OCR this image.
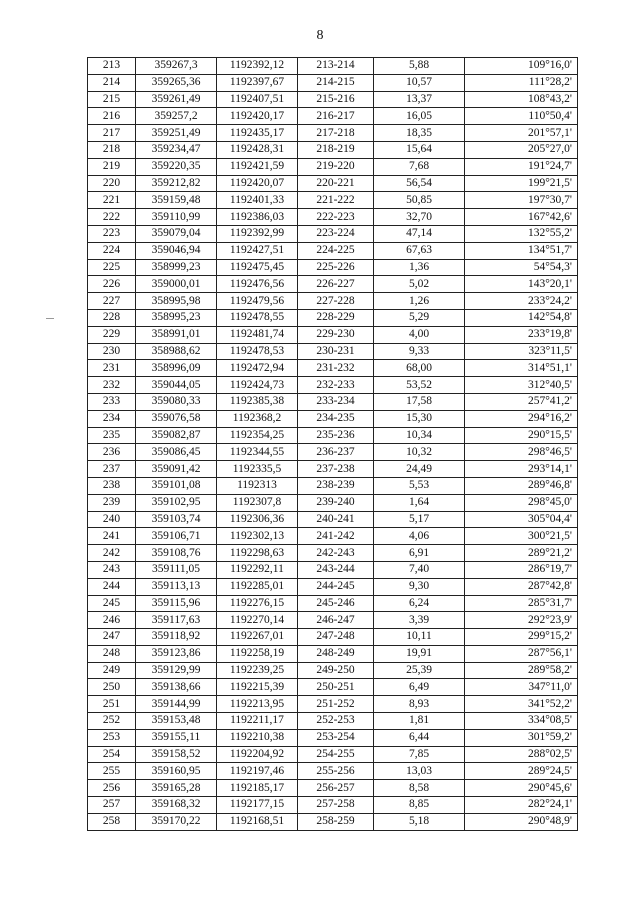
8
213	359267,3	1192392,12	213-214	5,88	109°16,0'
214	359265,36	1192397,67	214-215	10,57	111°28,2'
215	359261,49	1192407,51	215-216	13,37	108°43,2'
216	359257,2	1192420,17	216-217	16,05	110°50,4'
217	359251,49	1192435,17	217-218	18,35	201°57,1'
218	359234,47	1192428,31	218-219	15,64	205°27,0'
219	359220,35	1192421,59	219-220	7,68	191°24,7'
220	359212,82	1192420,07	220-221	56,54	199°21,5'
221	359159,48	1192401,33	221-222	50,85	197°30,7'
222	359110,99	1192386,03	222-223	32,70	167°42,6'
223	359079,04	1192392,99	223-224	47,14	132°55,2'
224	359046,94	1192427,51	224-225	67,63	134°51,7'
225	358999,23	1192475,45	225-226	1,36	54°54,3'
226	359000,01	1192476,56	226-227	5,02	143°20,1'
227	358995,98	1192479,56	227-228	1,26	233°24,2'
228	358995,23	1192478,55	228-229	5,29	142°54,8'
229	358991,01	1192481,74	229-230	4,00	233°19,8'
230	358988,62	1192478,53	230-231	9,33	323°11,5'
231	358996,09	1192472,94	231-232	68,00	314°51,1'
232	359044,05	1192424,73	232-233	53,52	312°40,5'
233	359080,33	1192385,38	233-234	17,58	257°41,2'
234	359076,58	1192368,2	234-235	15,30	294°16,2'
235	359082,87	1192354,25	235-236	10,34	290°15,5'
236	359086,45	1192344,55	236-237	10,32	298°46,5'
237	359091,42	1192335,5	237-238	24,49	293°14,1'
238	359101,08	1192313	238-239	5,53	289°46,8'
239	359102,95	1192307,8	239-240	1,64	298°45,0'
240	359103,74	1192306,36	240-241	5,17	305°04,4'
241	359106,71	1192302,13	241-242	4,06	300°21,5'
242	359108,76	1192298,63	242-243	6,91	289°21,2'
243	359111,05	1192292,11	243-244	7,40	286°19,7'
244	359113,13	1192285,01	244-245	9,30	287°42,8'
245	359115,96	1192276,15	245-246	6,24	285°31,7'
246	359117,63	1192270,14	246-247	3,39	292°23,9'
247	359118,92	1192267,01	247-248	10,11	299°15,2'
248	359123,86	1192258,19	248-249	19,91	287°56,1'
249	359129,99	1192239,25	249-250	25,39	289°58,2'
250	359138,66	1192215,39	250-251	6,49	347°11,0'
251	359144,99	1192213,95	251-252	8,93	341°52,2'
252	359153,48	1192211,17	252-253	1,81	334°08,5'
253	359155,11	1192210,38	253-254	6,44	301°59,2'
254	359158,52	1192204,92	254-255	7,85	288°02,5'
255	359160,95	1192197,46	255-256	13,03	289°24,5'
256	359165,28	1192185,17	256-257	8,58	290°45,6'
257	359168,32	1192177,15	257-258	8,85	282°24,1'
258	359170,22	1192168,51	258-259	5,18	290°48,9'
